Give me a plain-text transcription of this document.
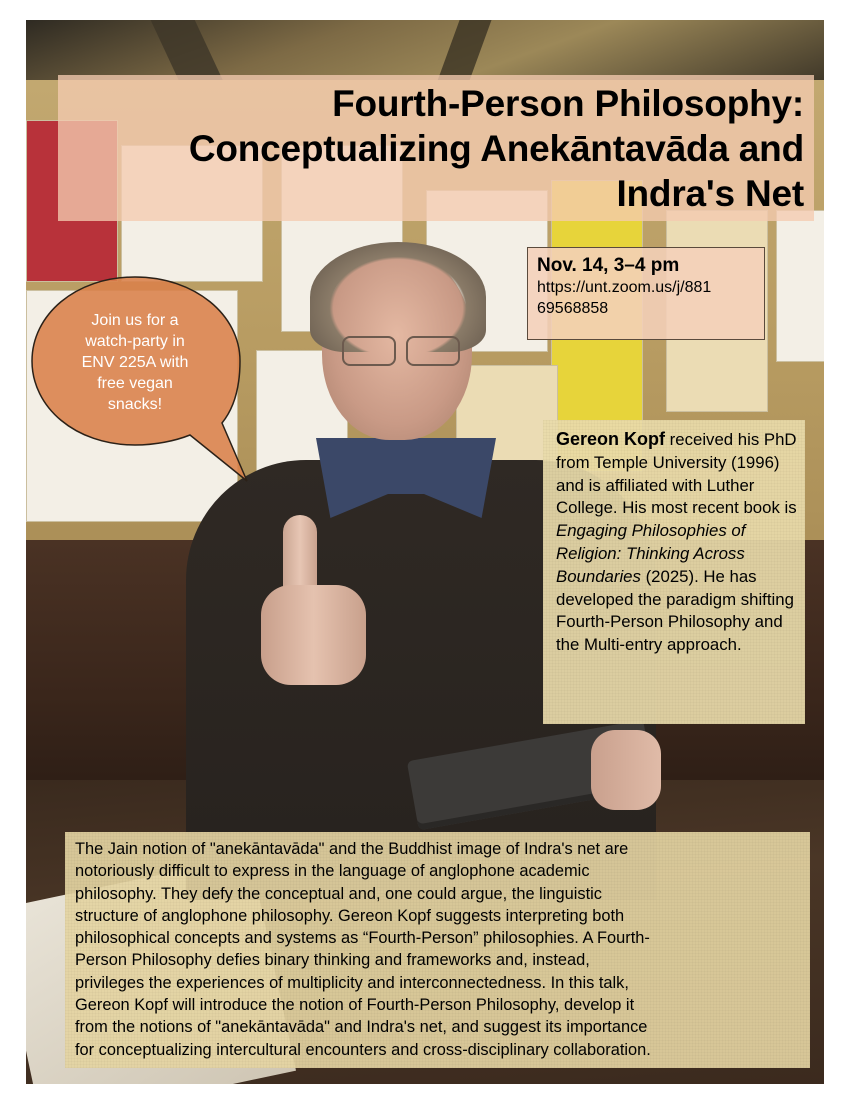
Fourth-Person Philosophy:
Conceptualizing Anekāntavāda and
Indra's Net
Nov. 14, 3–4 pm
https://unt.zoom.us/j/881
69568858
Join us for a
watch-party in
ENV 225A with
free vegan
snacks!
Gereon Kopf received his PhD from Temple University (1996) and is affiliated with Luther College. His most recent book is Engaging Philosophies of Religion: Thinking Across Boundaries (2025). He has developed the paradigm shifting Fourth-Person Philosophy and the Multi-entry approach.
The Jain notion of "anekāntavāda" and the Buddhist image of Indra's net are
notoriously difficult to express in the language of anglophone academic
philosophy. They defy the conceptual and, one could argue, the linguistic
structure of anglophone philosophy. Gereon Kopf suggests interpreting both
philosophical concepts and systems as “Fourth-Person” philosophies. A Fourth-
Person Philosophy defies binary thinking and frameworks and, instead,
privileges the experiences of multiplicity and interconnectedness. In this talk,
Gereon Kopf will introduce the notion of Fourth-Person Philosophy, develop it
from the notions of "anekāntavāda" and Indra's net, and suggest its importance
for conceptualizing intercultural encounters and cross-disciplinary collaboration.
